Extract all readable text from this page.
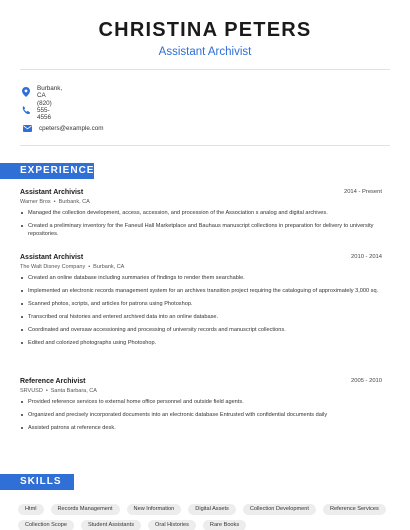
CHRISTINA PETERS
Assistant Archivist
Burbank, CA
(820) 555-4556
cpeters@example.com
EXPERIENCE
Assistant Archivist	2014 - Present
Warner Bros • Burbank, CA
Managed the collection development, access, accession, and procession of the Association s analog and digital archives.
Created a preliminary inventory for the Faneuil Hall Marketplace and Bauhaus manuscript collections in preparation for delivery to university repositories.
Assistant Archivist	2010 - 2014
The Walt Disney Company • Burbank, CA
Created an online database including summaries of findings to render them searchable.
Implemented an electronic records management system for an archives transition project requiring the cataloguing of approximately 3,000 sq.
Scanned photos, scripts, and articles for patrons using Photoshop.
Transcribed oral histories and entered archived data into an online database.
Coordinated and oversaw accessioning and processing of university records and manuscript collections.
Edited and colorized photographs using Photoshop.
Reference Archivist	2005 - 2010
SRVUSD • Santa Barbara, CA
Provided reference services to external home office personnel and outside field agents.
Organized and precisely incorporated documents into an electronic database Entrusted with confidential documents daily
Assisted patrons at reference desk.
SKILLS
Html	Records Management	New Information	Digital Assets	Collection Development	Reference Services
Collection Scope	Student Assistants	Oral Histories	Rare Books
